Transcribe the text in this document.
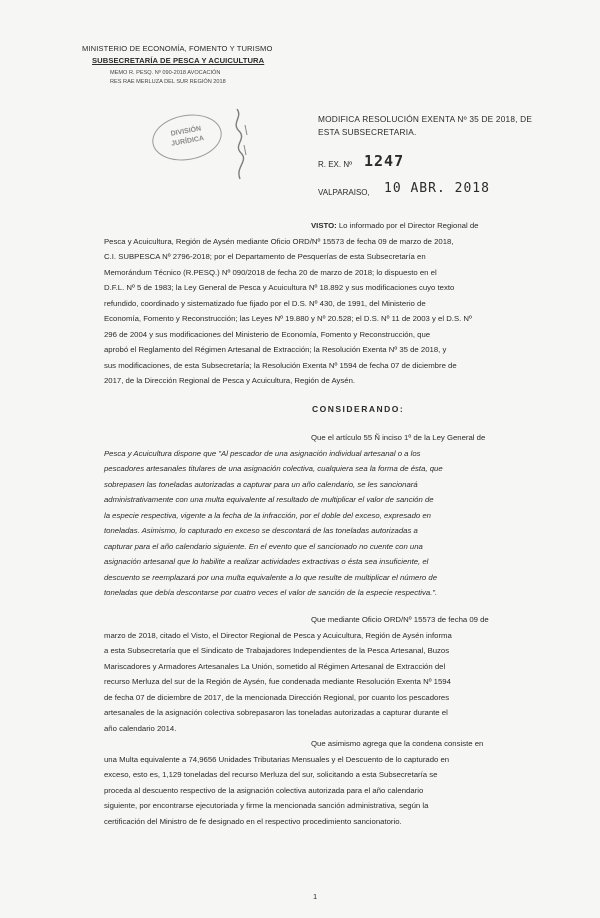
MINISTERIO DE ECONOMÍA, FOMENTO Y TURISMO
SUBSECRETARÍA DE PESCA Y ACUICULTURA
MEMO R. PESQ. Nº 090-2018 AVOCACIÓN
RES RAE MERLUZA DEL SUR REGIÓN 2018
DIVISIÓN
JURÍDICA
MODIFICA RESOLUCIÓN EXENTA Nº 35 DE 2018, DE
ESTA SUBSECRETARIA.
R. EX. Nº 1247
VALPARAISO, 10 ABR. 2018
VISTO: Lo informado por el Director Regional de
Pesca y Acuicultura, Región de Aysén mediante Oficio ORD/Nº 15573 de fecha 09 de marzo de 2018,
C.I. SUBPESCA Nº 2796-2018; por el Departamento de Pesquerías de esta Subsecretaría en
Memorándum Técnico (R.PESQ.) Nº 090/2018 de fecha 20 de marzo de 2018; lo dispuesto en el
D.F.L. Nº 5 de 1983; la Ley General de Pesca y Acuicultura Nº 18.892 y sus modificaciones cuyo texto
refundido, coordinado y sistematizado fue fijado por el D.S. Nº 430, de 1991, del Ministerio de
Economía, Fomento y Reconstrucción; las Leyes Nº 19.880 y Nº 20.528; el D.S. Nº 11 de 2003 y el D.S. Nº
296 de 2004 y sus modificaciones del Ministerio de Economía, Fomento y Reconstrucción, que
aprobó el Reglamento del Régimen Artesanal de Extracción; la Resolución Exenta Nº 35 de 2018, y
sus modificaciones, de esta Subsecretaría; la Resolución Exenta Nº 1594 de fecha 07 de diciembre de
2017, de la Dirección Regional de Pesca y Acuicultura, Región de Aysén.
CONSIDERANDO:
Que el artículo 55 Ñ inciso 1º de la Ley General de
Pesca y Acuicultura dispone que "Al pescador de una asignación individual artesanal o a los
pescadores artesanales titulares de una asignación colectiva, cualquiera sea la forma de ésta, que
sobrepasen las toneladas autorizadas a capturar para un año calendario, se les sancionará
administrativamente con una multa equivalente al resultado de multiplicar el valor de sanción de
la especie respectiva, vigente a la fecha de la infracción, por el doble del exceso, expresado en
toneladas. Asimismo, lo capturado en exceso se descontará de las toneladas autorizadas a
capturar para el año calendario siguiente. En el evento que el sancionado no cuente con una
asignación artesanal que lo habilite a realizar actividades extractivas o ésta sea insuficiente, el
descuento se reemplazará por una multa equivalente a lo que resulte de multiplicar el número de
toneladas que debía descontarse por cuatro veces el valor de sanción de la especie respectiva.".
Que mediante Oficio ORD/Nº 15573 de fecha 09 de
marzo de 2018, citado el Visto, el Director Regional de Pesca y Acuicultura, Región de Aysén informa
a esta Subsecretaría que el Sindicato de Trabajadores Independientes de la Pesca Artesanal, Buzos
Mariscadores y Armadores Artesanales La Unión, sometido al Régimen Artesanal de Extracción del
recurso Merluza del sur de la Región de Aysén, fue condenada mediante Resolución Exenta Nº 1594
de fecha 07 de diciembre de 2017, de la mencionada Dirección Regional, por cuanto los pescadores
artesanales de la asignación colectiva sobrepasaron las toneladas autorizadas a capturar durante el
año calendario 2014.
Que asimismo agrega que la condena consiste en
una Multa equivalente a 74,9656 Unidades Tributarias Mensuales y el Descuento de lo capturado en
exceso, esto es, 1,129 toneladas del recurso Merluza del sur, solicitando a esta Subsecretaría se
proceda al descuento respectivo de la asignación colectiva autorizada para el año calendario
siguiente, por encontrarse ejecutoriada y firme la mencionada sanción administrativa, según la
certificación del Ministro de fe designado en el respectivo procedimiento sancionatorio.
1
